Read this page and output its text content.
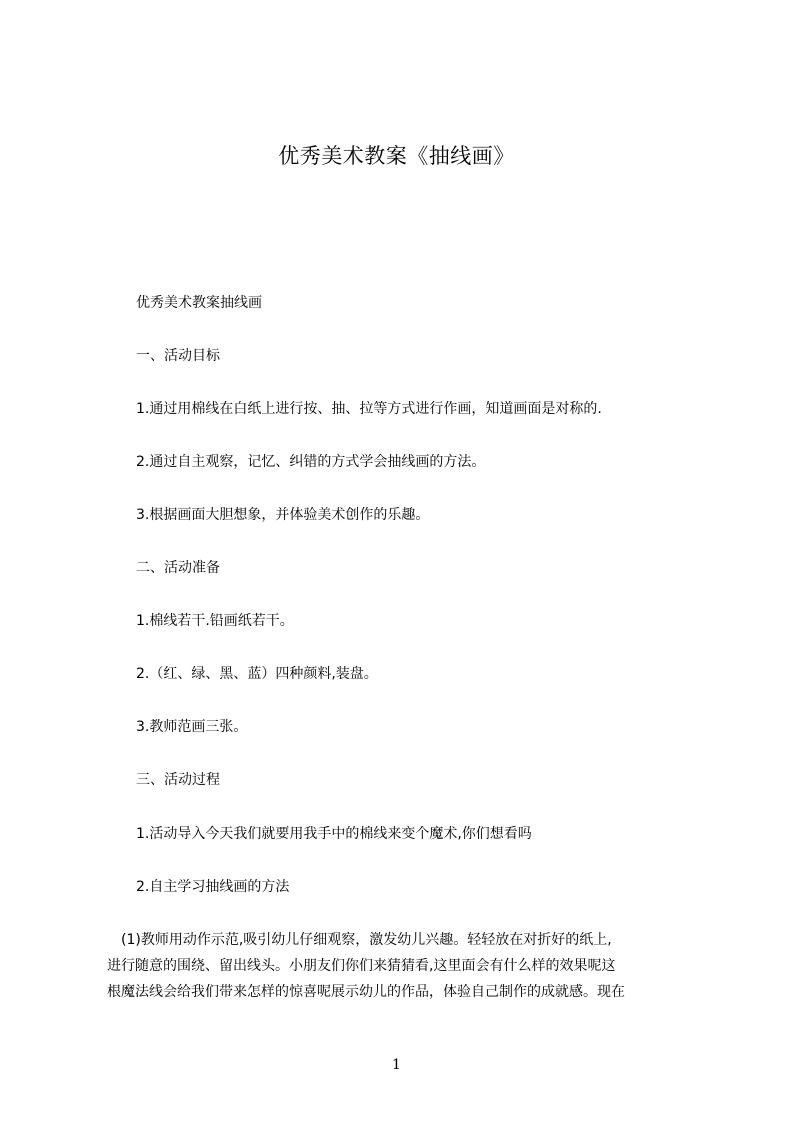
优秀美术教案《抽线画》
优秀美术教案抽线画
一、活动目标
1.通过用棉线在白纸上进行按、抽、拉等方式进行作画，知道画面是对称的.
2.通过自主观察，记忆、纠错的方式学会抽线画的方法。
3.根据画面大胆想象，并体验美术创作的乐趣。
二、活动准备
1.棉线若干.铅画纸若干。
2.（红、绿、黑、蓝）四种颜料,装盘。
3.教师范画三张。
三、活动过程
1.活动导入今天我们就要用我手中的棉线来变个魔术,你们想看吗
2.自主学习抽线画的方法
　(1)教师用动作示范,吸引幼儿仔细观察，激发幼儿兴趣。轻轻放在对折好的纸上,
进行随意的围绕、留出线头。小朋友们你们来猜猜看,这里面会有什么样的效果呢这
根魔法线会给我们带来怎样的惊喜呢展示幼儿的作品，体验自己制作的成就感。现在
1
